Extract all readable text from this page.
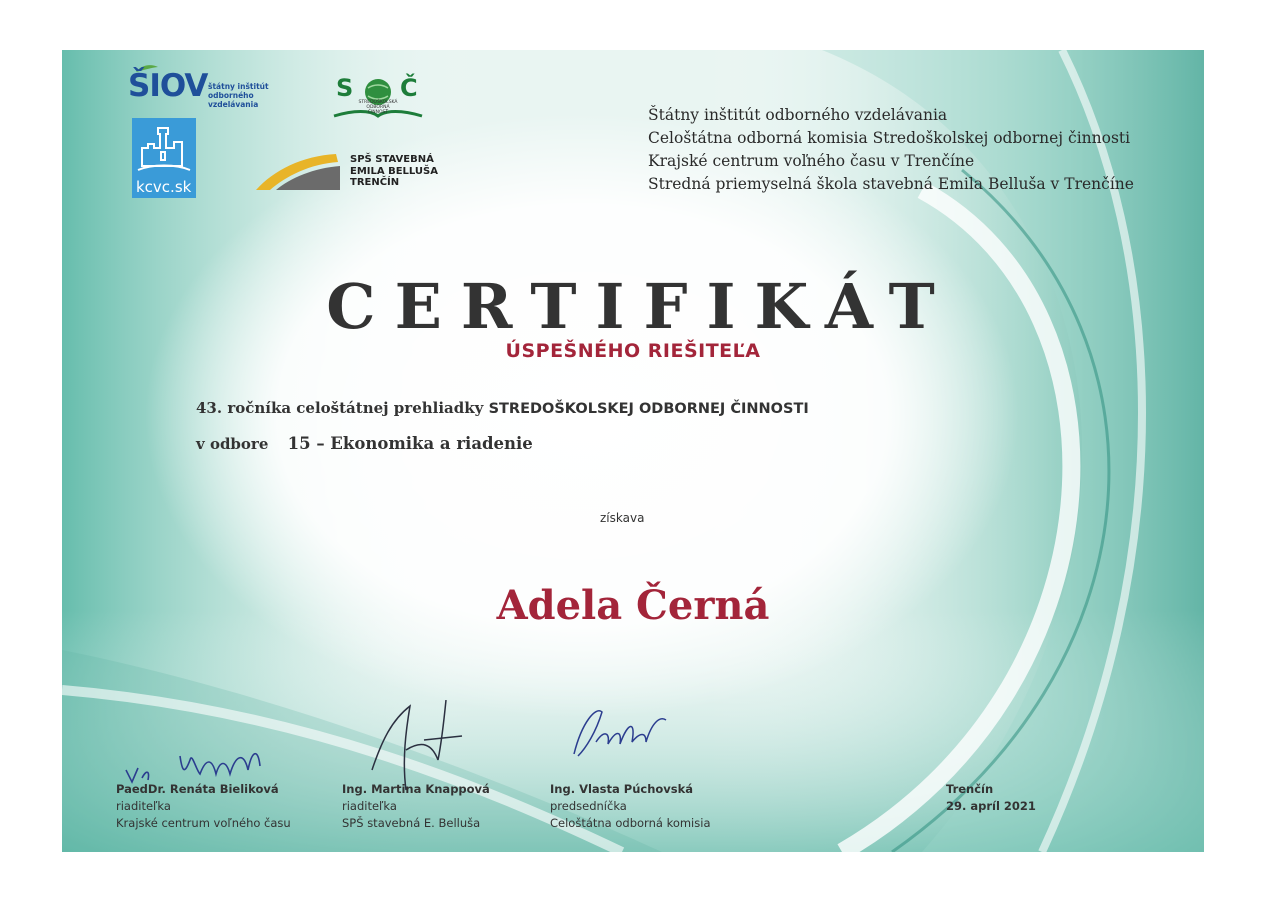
ŠIOV štátny inštitút
odborného
vzdelávania
kcvc.sk
S Č
STREDOŠKOLSKÁ
ODBORNÁ
ČINNOSŤ
SPŠ STAVEBNÁ
EMILA BELLUŠA
TRENČÍN
Štátny inštitút odborného vzdelávania
Celoštátna odborná komisia Stredoškolskej odbornej činnosti
Krajské centrum voľného času v Trenčíne
Stredná priemyselná škola stavebná Emila Belluša v Trenčíne
CERTIFIKÁT
ÚSPEŠNÉHO RIEŠITEĽA
43. ročníka celoštátnej prehliadky STREDOŠKOLSKEJ ODBORNEJ ČINNOSTI
v odbore 15 – Ekonomika a riadenie
získava
Adela Černá
PaedDr. Renáta Bieliková
riaditeľka
Krajské centrum voľného času
Ing. Martina Knappová
riaditeľka
SPŠ stavebná E. Belluša
Ing. Vlasta Púchovská
predsedníčka
Celoštátna odborná komisia
Trenčín
29. apríl 2021
